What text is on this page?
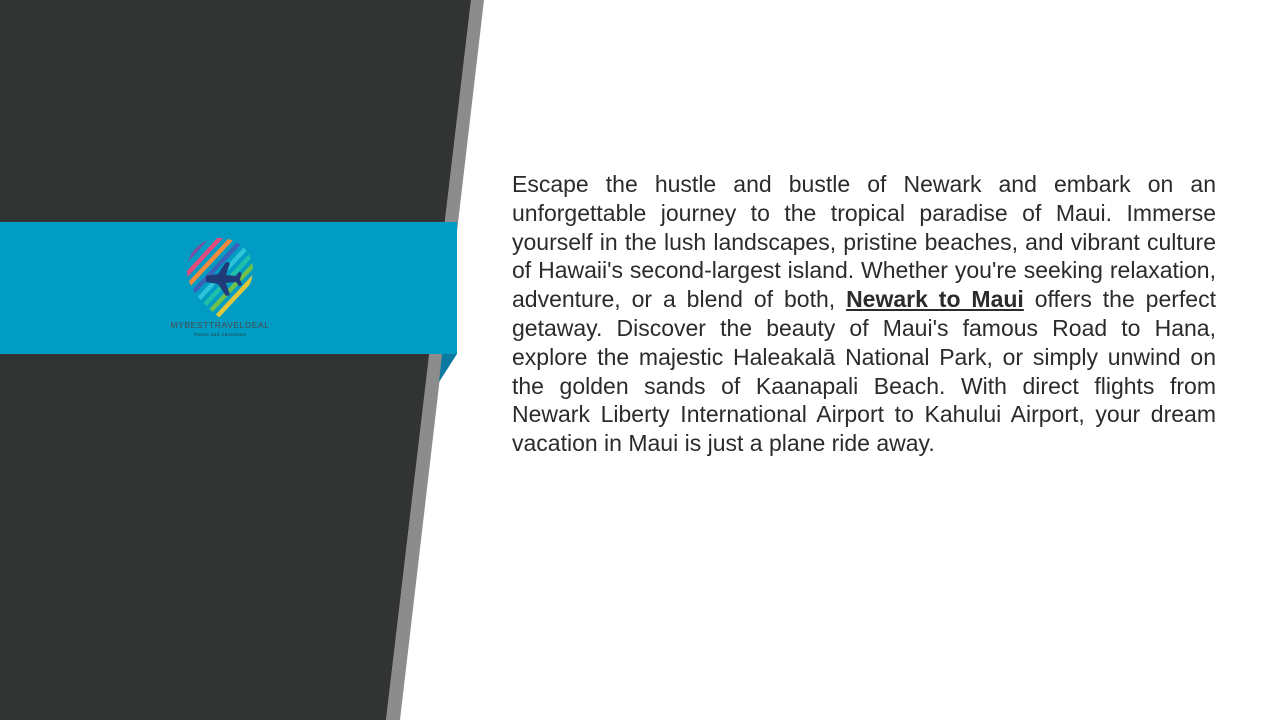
MYBESTTRAVELDEAL
Travel and Adventure

Escape the hustle and bustle of Newark and embark on an unforgettable journey to the tropical paradise of Maui. Immerse yourself in the lush landscapes, pristine beaches, and vibrant culture of Hawaii's second-largest island. Whether you're seeking relaxation, adventure, or a blend of both, Newark to Maui offers the perfect getaway. Discover the beauty of Maui's famous Road to Hana, explore the majestic Haleakalā National Park, or simply unwind on the golden sands of Kaanapali Beach. With direct flights from Newark Liberty International Airport to Kahului Airport, your dream vacation in Maui is just a plane ride away.
